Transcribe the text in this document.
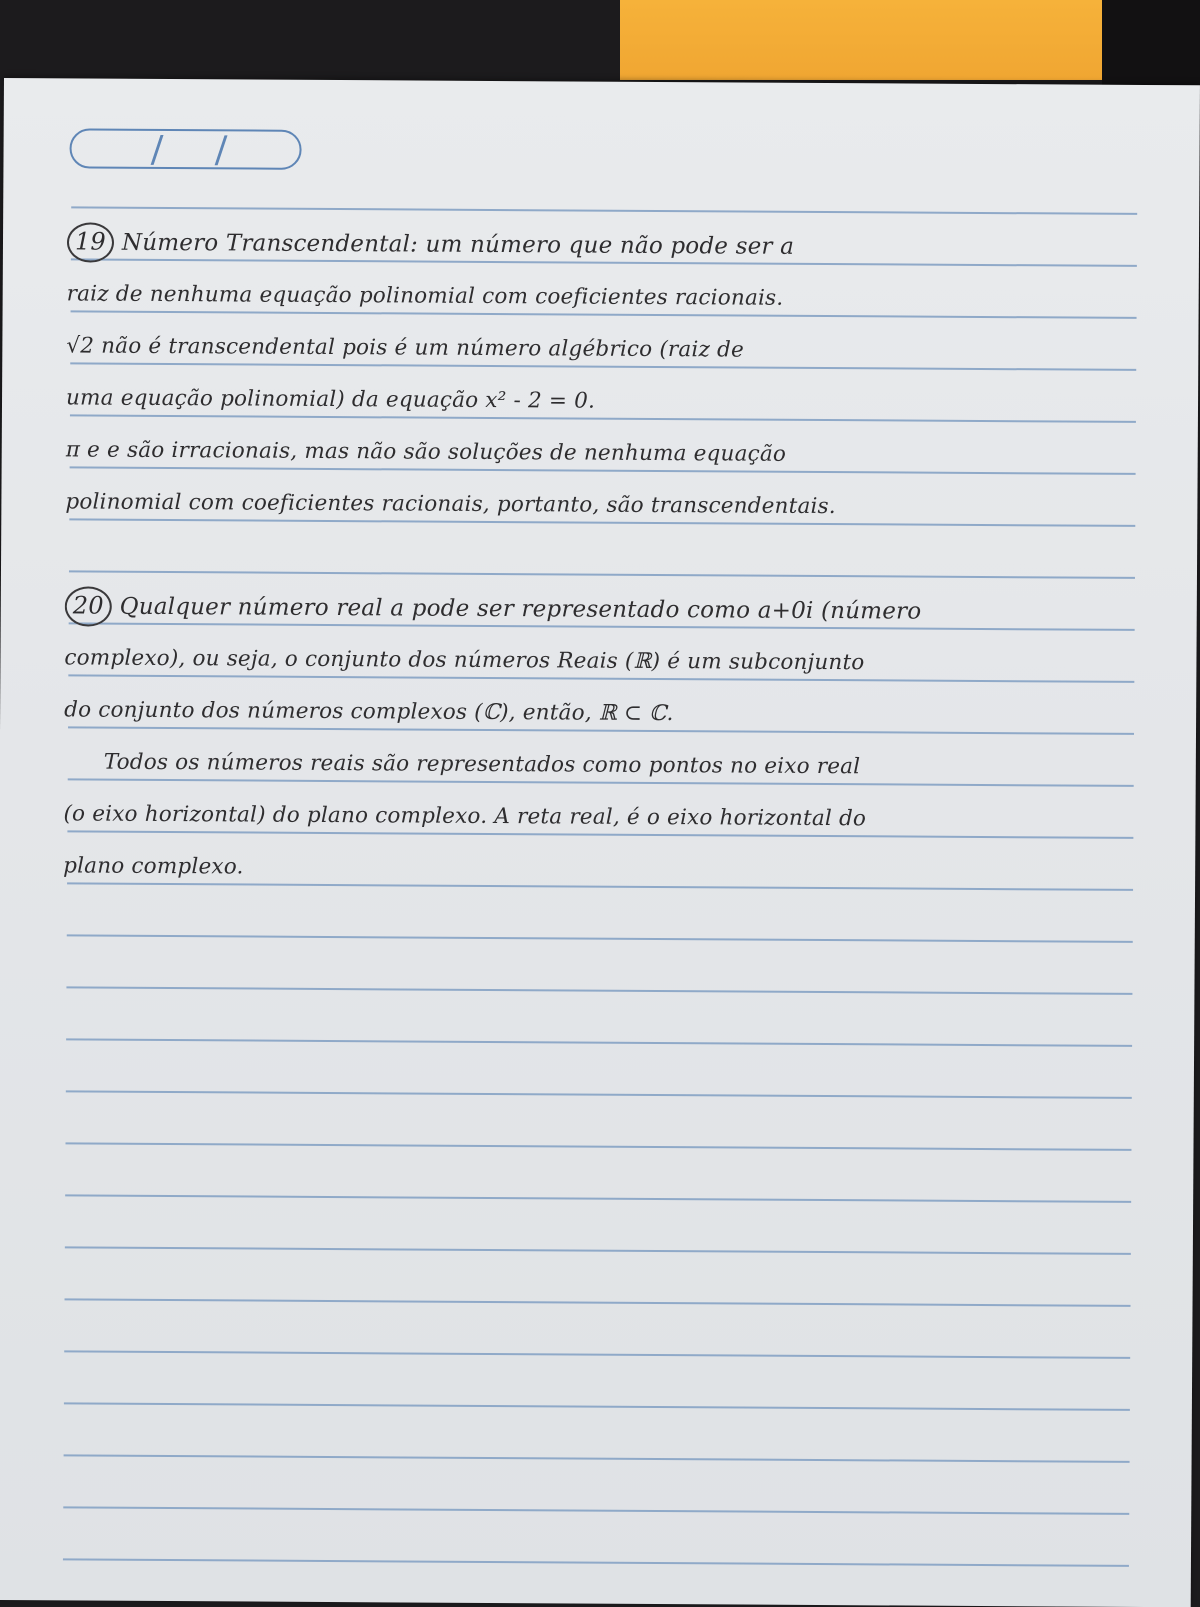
19 Número Transcendental: um número que não pode ser a
raiz de nenhuma equação polinomial com coeficientes racionais.
√2 não é transcendental pois é um número algébrico (raiz de
uma equação polinomial) da equação x² - 2 = 0.
π e e são irracionais, mas não são soluções de nenhuma equação
polinomial com coeficientes racionais, portanto, são transcendentais.
20 Qualquer número real a pode ser representado como a+0i (número
complexo), ou seja, o conjunto dos números Reais (ℝ) é um subconjunto
do conjunto dos números complexos (ℂ), então, ℝ ⊂ ℂ.
Todos os números reais são representados como pontos no eixo real
(o eixo horizontal) do plano complexo. A reta real, é o eixo horizontal do
plano complexo.
